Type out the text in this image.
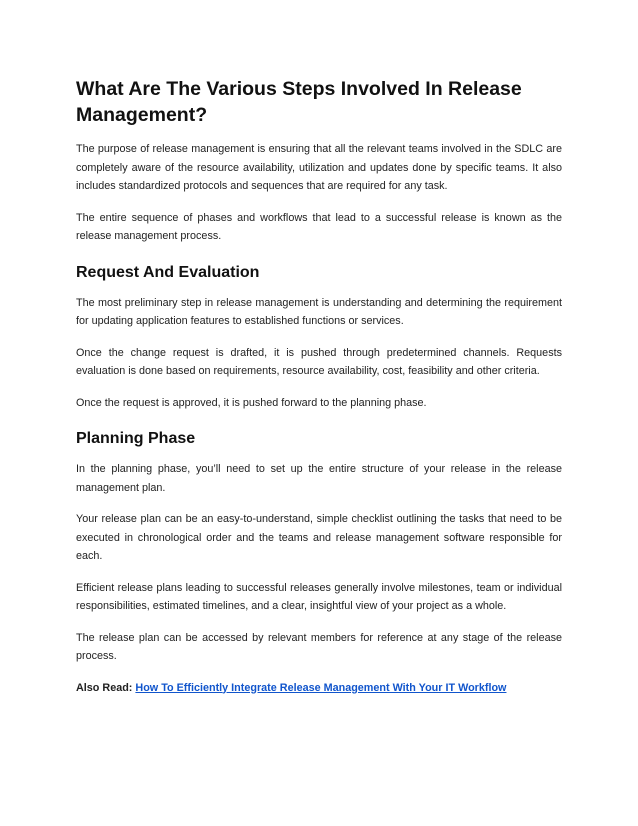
What Are The Various Steps Involved In Release Management?

The purpose of release management is ensuring that all the relevant teams involved in the SDLC are completely aware of the resource availability, utilization and updates done by specific teams. It also includes standardized protocols and sequences that are required for any task.

The entire sequence of phases and workflows that lead to a successful release is known as the release management process.

Request And Evaluation

The most preliminary step in release management is understanding and determining the requirement for updating application features to established functions or services.

Once the change request is drafted, it is pushed through predetermined channels. Requests evaluation is done based on requirements, resource availability, cost, feasibility and other criteria.

Once the request is approved, it is pushed forward to the planning phase.

Planning Phase

In the planning phase, you’ll need to set up the entire structure of your release in the release management plan.

Your release plan can be an easy-to-understand, simple checklist outlining the tasks that need to be executed in chronological order and the teams and release management software responsible for each.

Efficient release plans leading to successful releases generally involve milestones, team or individual responsibilities, estimated timelines, and a clear, insightful view of your project as a whole.

The release plan can be accessed by relevant members for reference at any stage of the release process.

Also Read: How To Efficiently Integrate Release Management With Your IT Workflow
